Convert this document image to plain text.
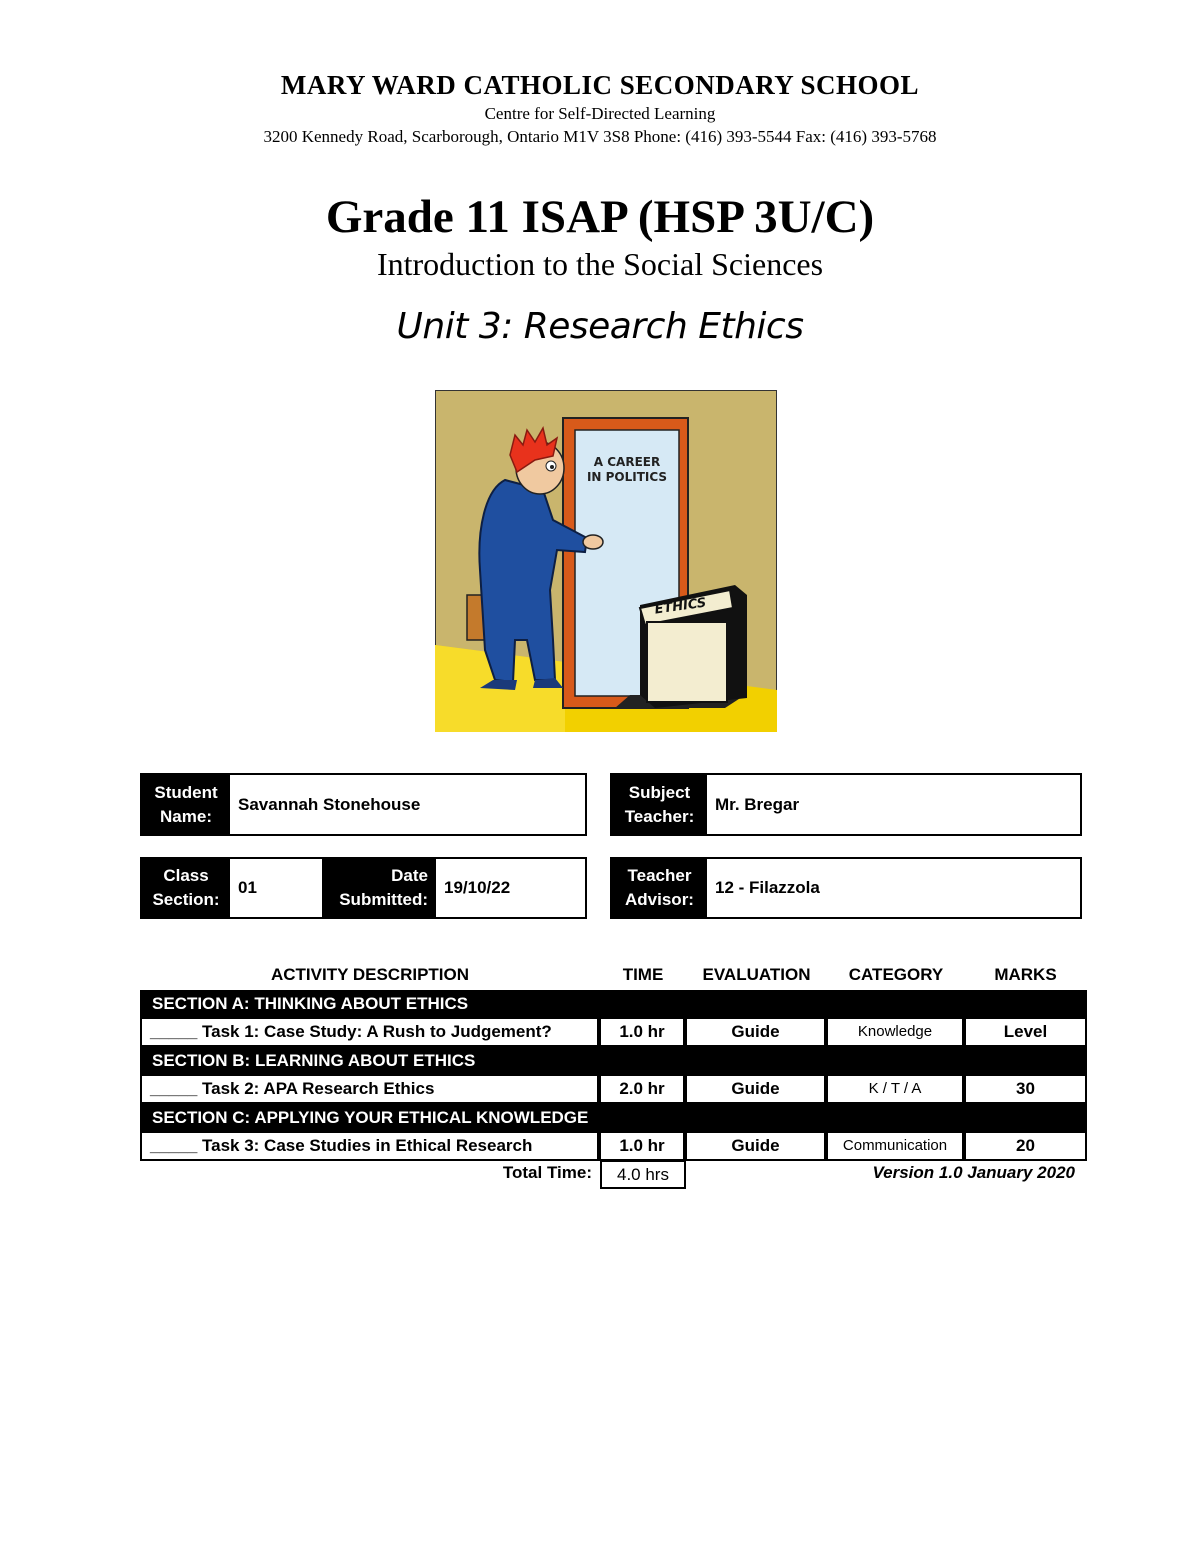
MARY WARD CATHOLIC SECONDARY SCHOOL
Centre for Self-Directed Learning
3200 Kennedy Road, Scarborough, Ontario M1V 3S8 Phone: (416) 393-5544 Fax: (416) 393-5768
Grade 11 ISAP (HSP 3U/C)
Introduction to the Social Sciences
Unit 3: Research Ethics
A CAREER
IN POLITICS
ETHICS
Student
Name:
Savannah Stonehouse
Subject
Teacher:
Mr. Bregar
Class
Section:
01
Date
Submitted:
19/10/22
Teacher
Advisor:
12 - Filazzola
ACTIVITY DESCRIPTION	TIME	EVALUATION	CATEGORY	MARKS
SECTION A: THINKING ABOUT ETHICS
_____ Task 1: Case Study: A Rush to Judgement?	1.0 hr	Guide	Knowledge	Level
SECTION B: LEARNING ABOUT ETHICS
_____ Task 2: APA Research Ethics	2.0 hr	Guide	K / T / A	30
SECTION C: APPLYING YOUR ETHICAL KNOWLEDGE
_____ Task 3: Case Studies in Ethical Research	1.0 hr	Guide	Communication	20
Total Time:	4.0 hrs	Version 1.0 January 2020
